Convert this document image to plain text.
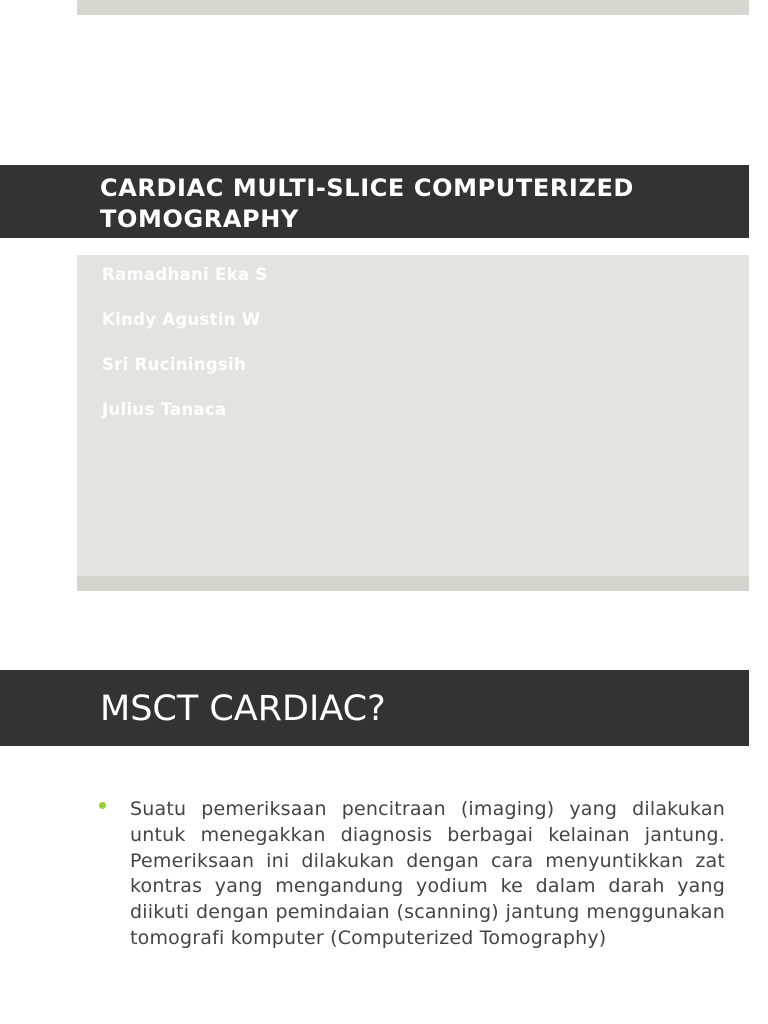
CARDIAC MULTI-SLICE COMPUTERIZED TOMOGRAPHY
Ramadhani Eka S
Kindy Agustin W
Sri Ruciningsih
Julius Tanaca
MSCT CARDIAC?
Suatu pemeriksaan pencitraan (imaging) yang dilakukan untuk menegakkan diagnosis berbagai kelainan jantung. Pemeriksaan ini dilakukan dengan cara menyuntikkan zat kontras yang mengandung yodium ke dalam darah yang diikuti dengan pemindaian (scanning) jantung menggunakan tomografi komputer (Computerized Tomography)
